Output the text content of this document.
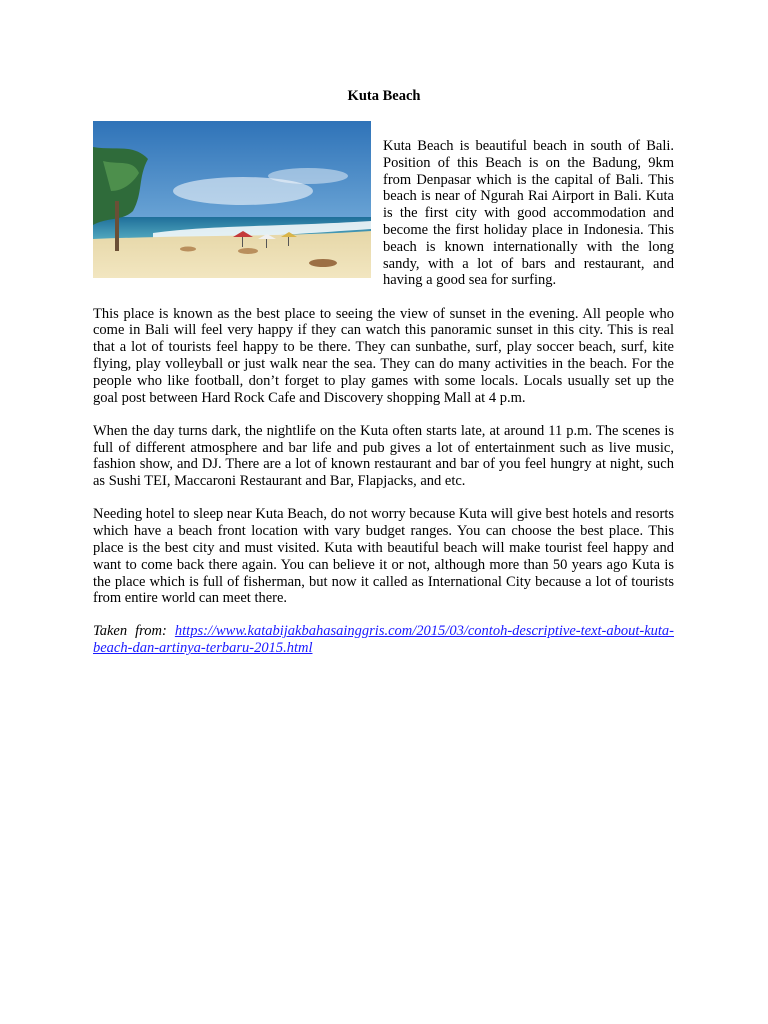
Kuta Beach

Kuta Beach is beautiful beach in south of Bali. Position of this Beach is on the Badung, 9km from Denpasar which is the capital of Bali. This beach is near of Ngurah Rai Airport in Bali. Kuta is the first city with good accommodation and become the first holiday place in Indonesia. This beach is known internationally with the long sandy, with a lot of bars and restaurant, and having a good sea for surfing.

This place is known as the best place to seeing the view of sunset in the evening. All people who come in Bali will feel very happy if they can watch this panoramic sunset in this city. This is real that a lot of tourists feel happy to be there. They can sunbathe, surf, play soccer beach, surf, kite flying, play volleyball or just walk near the sea. They can do many activities in the beach. For the people who like football, don’t forget to play games with some locals. Locals usually set up the goal post between Hard Rock Cafe and Discovery shopping Mall at 4 p.m.

When the day turns dark, the nightlife on the Kuta often starts late, at around 11 p.m. The scenes is full of different atmosphere and bar life and pub gives a lot of entertainment such as live music, fashion show, and DJ. There are a lot of known restaurant and bar of you feel hungry at night, such as Sushi TEI, Maccaroni Restaurant and Bar, Flapjacks, and etc.

Needing hotel to sleep near Kuta Beach, do not worry because Kuta will give best hotels and resorts which have a beach front location with vary budget ranges. You can choose the best place. This place is the best city and must visited. Kuta with beautiful beach will make tourist feel happy and want to come back there again. You can believe it or not, although more than 50 years ago Kuta is the place which is full of fisherman, but now it called as International City because a lot of tourists from entire world can meet there.

Taken from: https://www.katabijakbahasainggris.com/2015/03/contoh-descriptive-text-about-kuta-beach-dan-artinya-terbaru-2015.html
